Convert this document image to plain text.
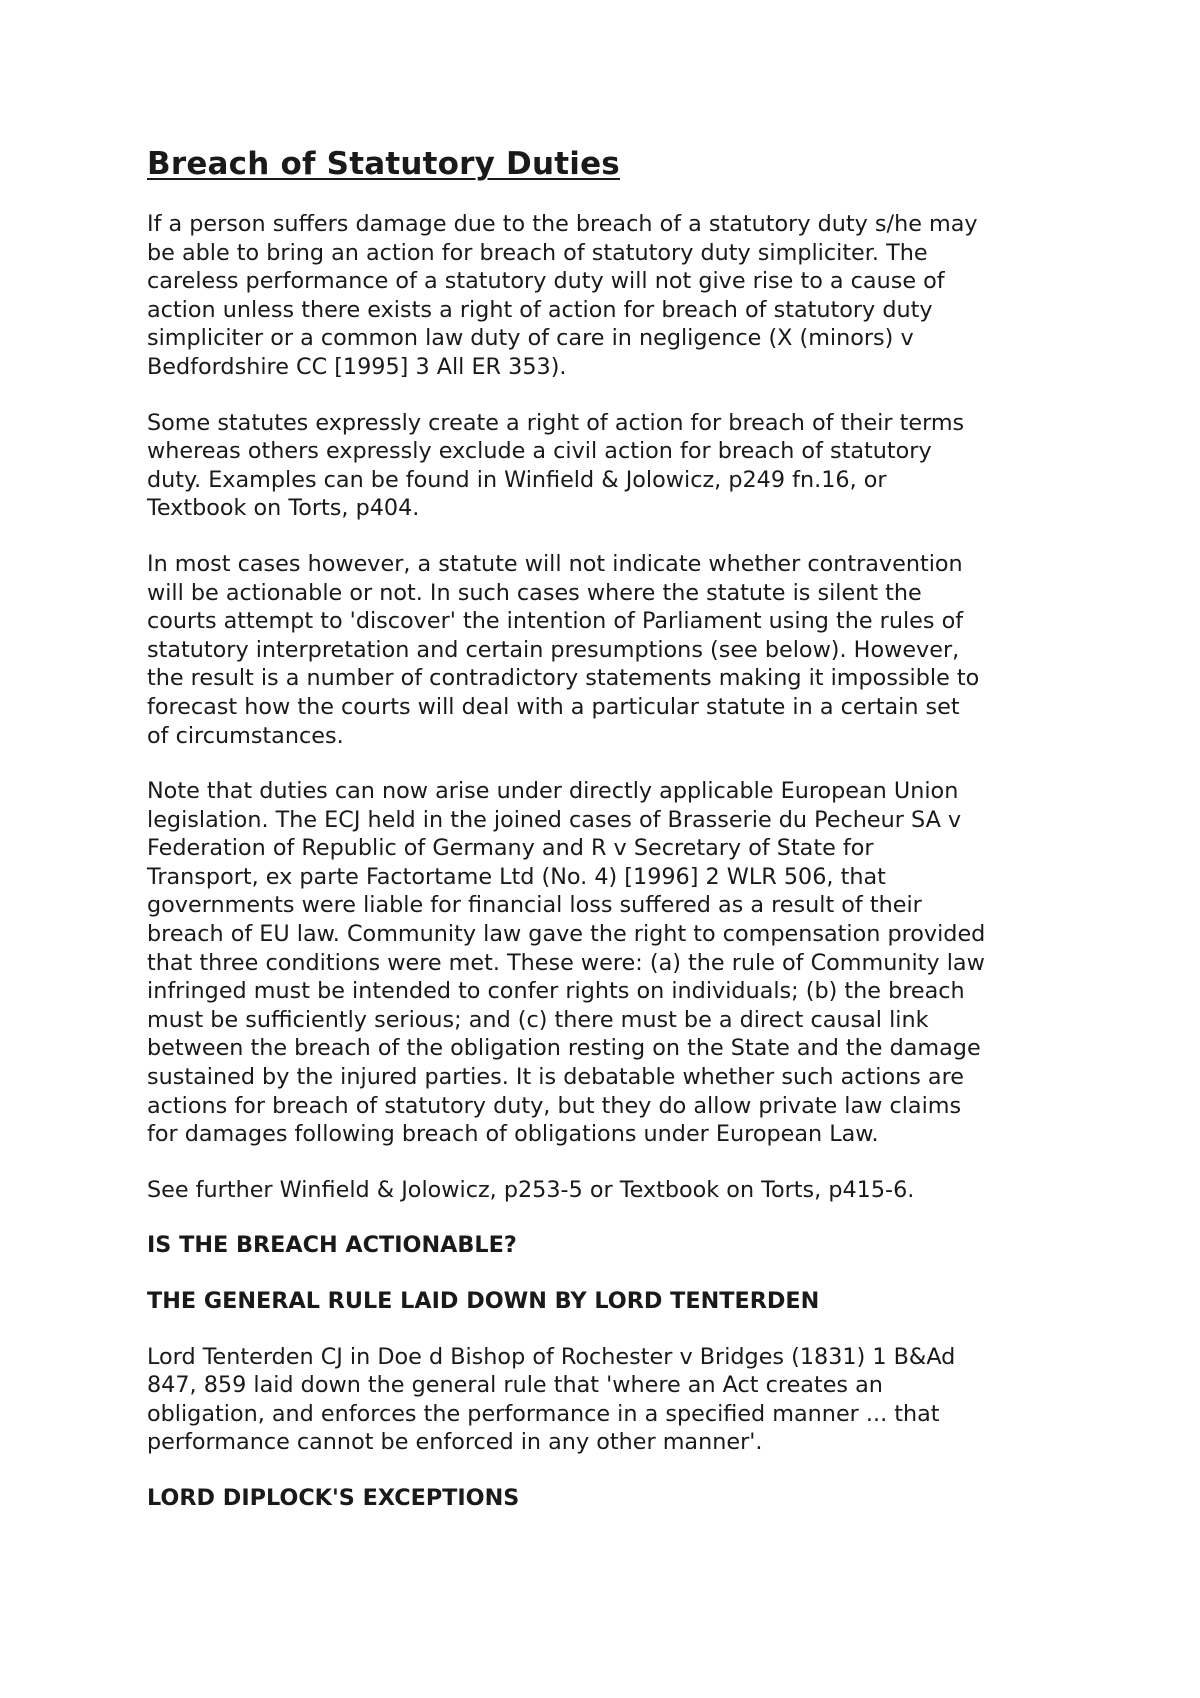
Breach of Statutory Duties

If a person suffers damage due to the breach of a statutory duty s/he may
be able to bring an action for breach of statutory duty simpliciter. The
careless performance of a statutory duty will not give rise to a cause of
action unless there exists a right of action for breach of statutory duty
simpliciter or a common law duty of care in negligence (X (minors) v
Bedfordshire CC [1995] 3 All ER 353).

Some statutes expressly create a right of action for breach of their terms
whereas others expressly exclude a civil action for breach of statutory
duty. Examples can be found in Winfield & Jolowicz, p249 fn.16, or
Textbook on Torts, p404.

In most cases however, a statute will not indicate whether contravention
will be actionable or not. In such cases where the statute is silent the
courts attempt to 'discover' the intention of Parliament using the rules of
statutory interpretation and certain presumptions (see below). However,
the result is a number of contradictory statements making it impossible to
forecast how the courts will deal with a particular statute in a certain set
of circumstances.

Note that duties can now arise under directly applicable European Union
legislation. The ECJ held in the joined cases of Brasserie du Pecheur SA v
Federation of Republic of Germany and R v Secretary of State for
Transport, ex parte Factortame Ltd (No. 4) [1996] 2 WLR 506, that
governments were liable for financial loss suffered as a result of their
breach of EU law. Community law gave the right to compensation provided
that three conditions were met. These were: (a) the rule of Community law
infringed must be intended to confer rights on individuals; (b) the breach
must be sufficiently serious; and (c) there must be a direct causal link
between the breach of the obligation resting on the State and the damage
sustained by the injured parties. It is debatable whether such actions are
actions for breach of statutory duty, but they do allow private law claims
for damages following breach of obligations under European Law.

See further Winfield & Jolowicz, p253-5 or Textbook on Torts, p415-6.

IS THE BREACH ACTIONABLE?
THE GENERAL RULE LAID DOWN BY LORD TENTERDEN

Lord Tenterden CJ in Doe d Bishop of Rochester v Bridges (1831) 1 B&Ad
847, 859 laid down the general rule that 'where an Act creates an
obligation, and enforces the performance in a specified manner ... that
performance cannot be enforced in any other manner'.

LORD DIPLOCK'S EXCEPTIONS
